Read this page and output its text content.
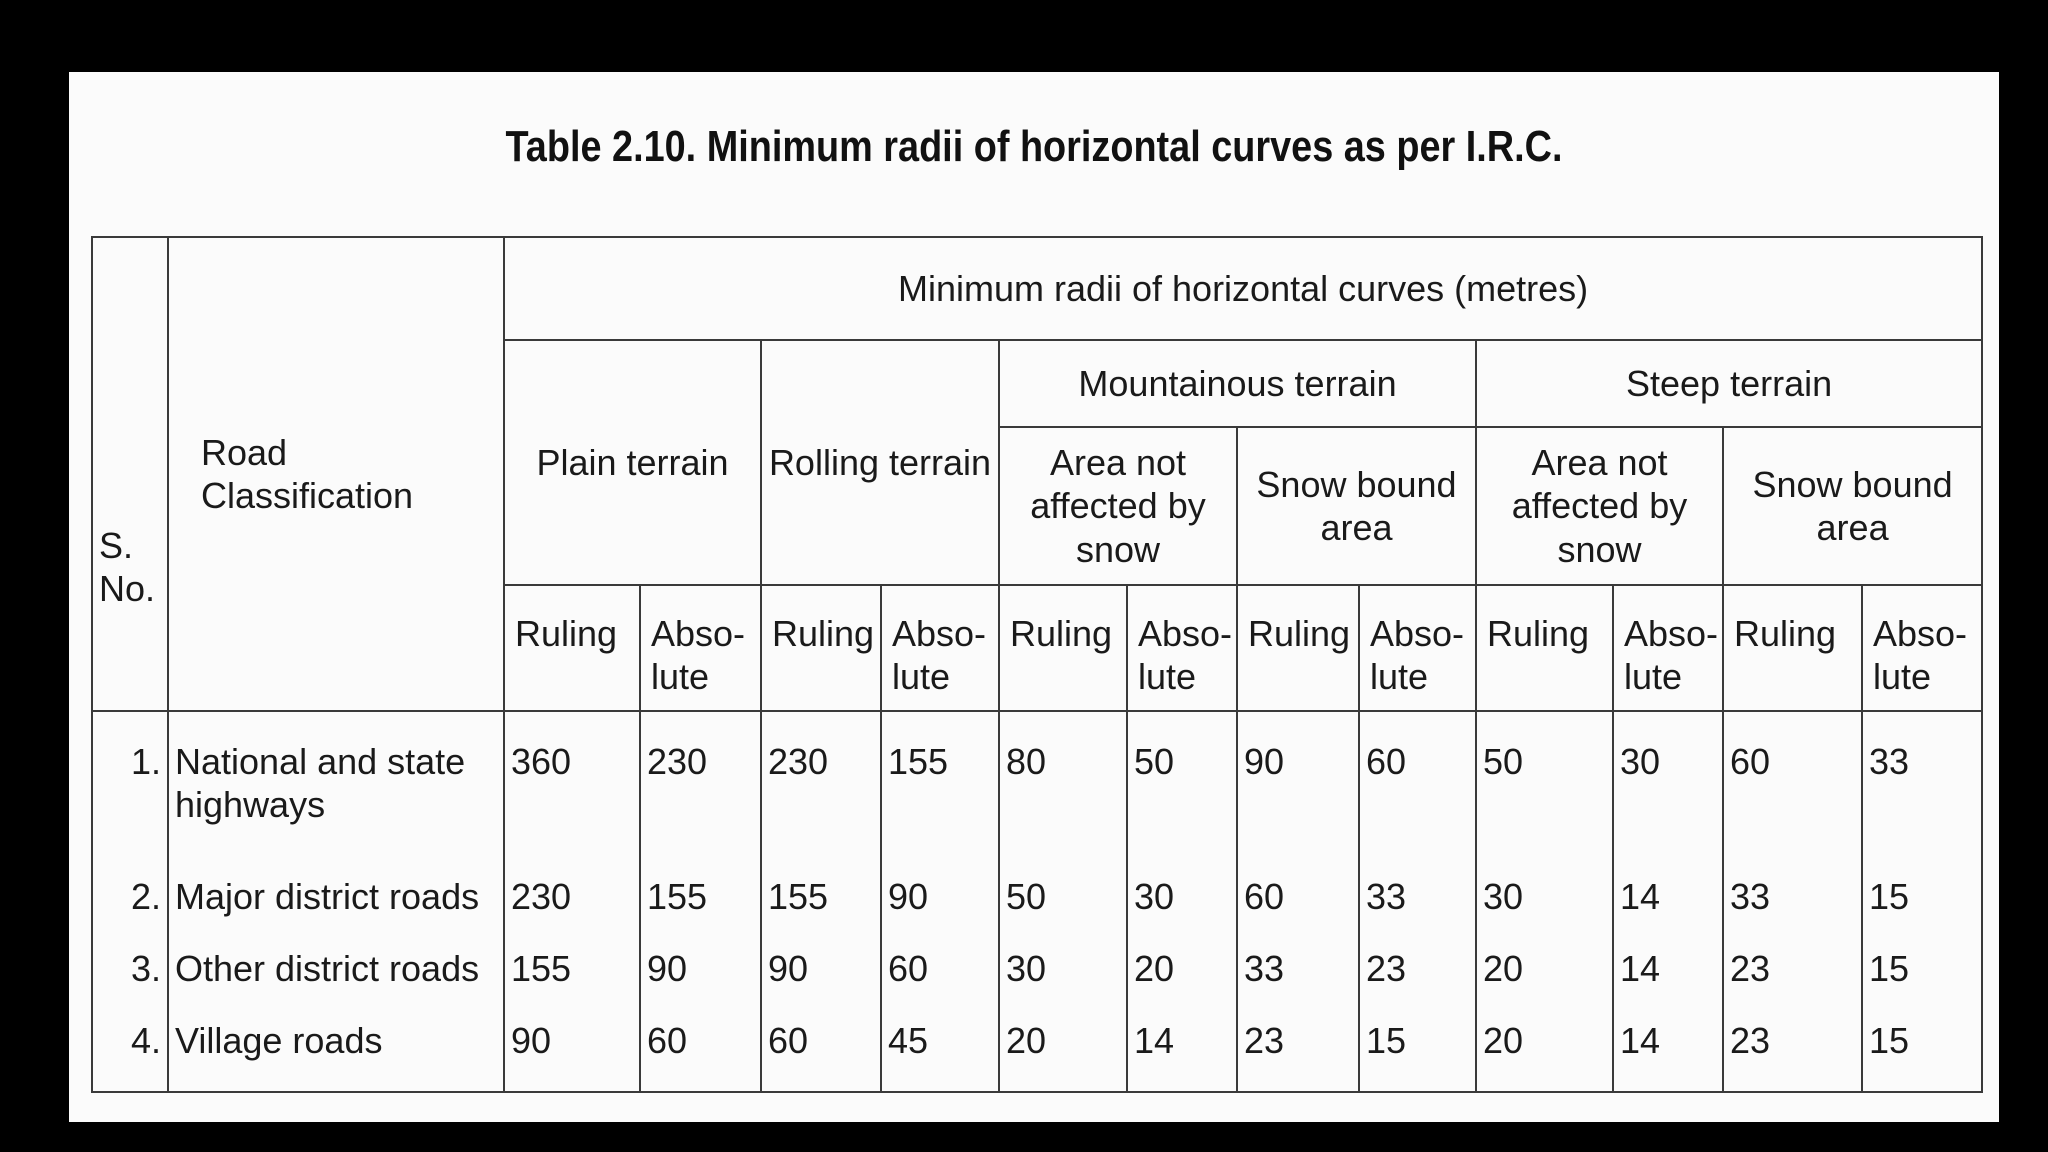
Table 2.10. Minimum radii of horizontal curves as per I.R.C.
S. No.	Road Classification	Minimum radii of horizontal curves (metres)											
		Plain terrain		Rolling terrain		Mountainous terrain				Steep terrain			
						Area not affected by snow		Snow bound area		Area not affected by snow		Snow bound area	
		Ruling	Abso- lute	Ruling	Abso- lute	Ruling	Abso- lute	Ruling	Abso- lute	Ruling	Abso- lute	Ruling	Abso- lute
1.	National and state highways	360	230	230	155	80	50	90	60	50	30	60	33
2.	Major district roads	230	155	155	90	50	30	60	33	30	14	33	15
3.	Other district roads	155	90	90	60	30	20	33	23	20	14	23	15
4.	Village roads	90	60	60	45	20	14	23	15	20	14	23	15
